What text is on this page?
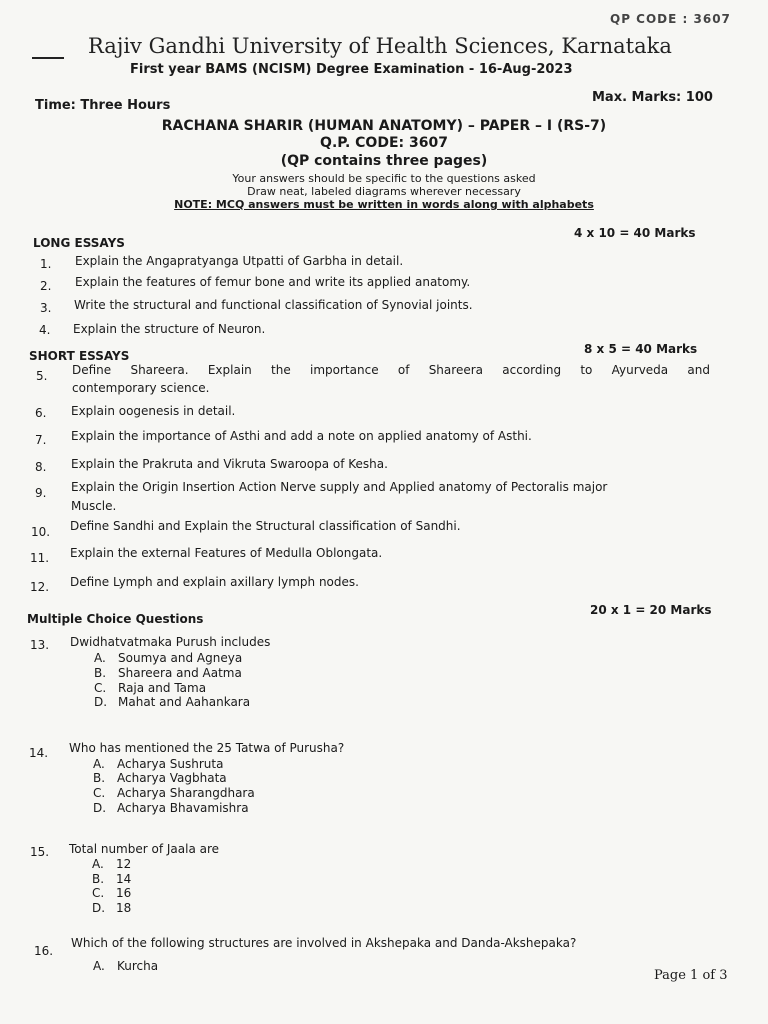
QP CODE : 3607
Rajiv Gandhi University of Health Sciences, Karnataka
First year BAMS (NCISM) Degree Examination - 16-Aug-2023
Time: Three Hours
Max. Marks: 100
RACHANA SHARIR (HUMAN ANATOMY) – PAPER – I (RS-7)
Q.P. CODE: 3607
(QP contains three pages)
Your answers should be specific to the questions asked
Draw neat, labeled diagrams wherever necessary
NOTE: MCQ answers must be written in words along with alphabets
LONG ESSAYS
4 x 10 = 40 Marks
1.	Explain the Angapratyanga Utpatti of Garbha in detail.
2.	Explain the features of femur bone and write its applied anatomy.
3.	Write the structural and functional classification of Synovial joints.
4.	Explain the structure of Neuron.
SHORT ESSAYS	8 x 5 = 40 Marks
5.	Define Shareera. Explain the importance of Shareera according to Ayurveda and
contemporary science.
6.	Explain oogenesis in detail.
7.	Explain the importance of Asthi and add a note on applied anatomy of Asthi.
8.	Explain the Prakruta and Vikruta Swaroopa of Kesha.
9.	Explain the Origin Insertion Action Nerve supply and Applied anatomy of Pectoralis major
Muscle.
10.	Define Sandhi and Explain the Structural classification of Sandhi.
11.	Explain the external Features of Medulla Oblongata.
12.	Define Lymph and explain axillary lymph nodes.
Multiple Choice Questions
20 x 1 = 20 Marks
13.	Dwidhatvatmaka Purush includes
A. Soumya and Agneya
B. Shareera and Aatma
C. Raja and Tama
D. Mahat and Aahankara
14.	Who has mentioned the 25 Tatwa of Purusha?
A. Acharya Sushruta
B. Acharya Vagbhata
C. Acharya Sharangdhara
D. Acharya Bhavamishra
15.	Total number of Jaala are
A. 12
B. 14
C. 16
D. 18
16.
Which of the following structures are involved in Akshepaka and Danda-Akshepaka?
A. Kurcha
Page 1 of 3
